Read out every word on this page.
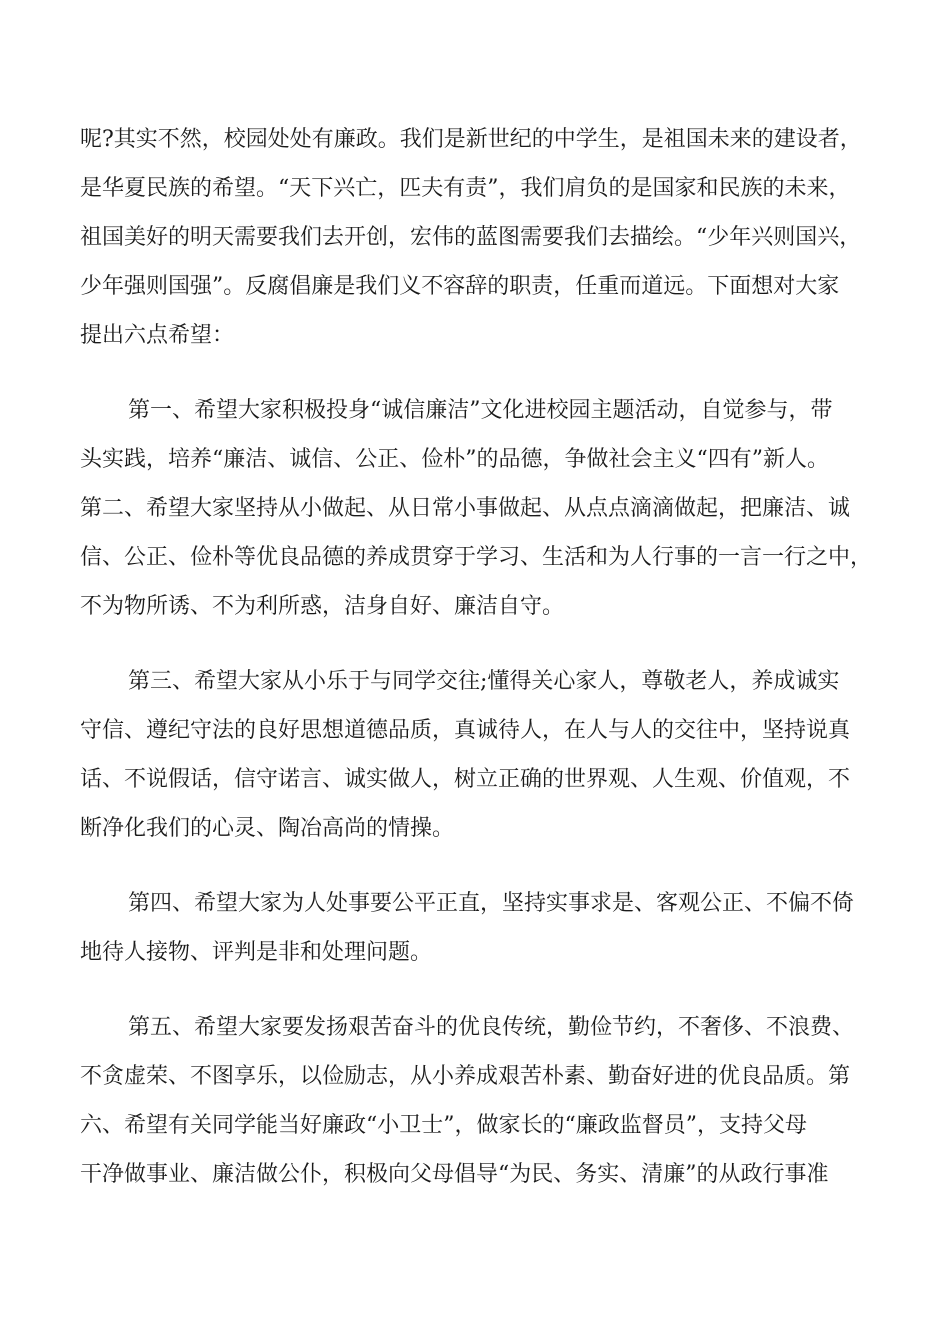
呢?其实不然，校园处处有廉政。我们是新世纪的中学生，是祖国未来的建设者，
是华夏民族的希望。“天下兴亡，匹夫有责”，我们肩负的是国家和民族的未来，
祖国美好的明天需要我们去开创，宏伟的蓝图需要我们去描绘。“少年兴则国兴，
少年强则国强”。反腐倡廉是我们义不容辞的职责，任重而道远。下面想对大家
提出六点希望：
第一、希望大家积极投身“诚信廉洁”文化进校园主题活动，自觉参与，带
头实践，培养“廉洁、诚信、公正、俭朴”的品德，争做社会主义“四有”新人。
第二、希望大家坚持从小做起、从日常小事做起、从点点滴滴做起，把廉洁、诚
信、公正、俭朴等优良品德的养成贯穿于学习、生活和为人行事的一言一行之中，
不为物所诱、不为利所惑，洁身自好、廉洁自守。
第三、希望大家从小乐于与同学交往;懂得关心家人，尊敬老人，养成诚实
守信、遵纪守法的良好思想道德品质，真诚待人，在人与人的交往中，坚持说真
话、不说假话，信守诺言、诚实做人，树立正确的世界观、人生观、价值观，不
断净化我们的心灵、陶冶高尚的情操。
第四、希望大家为人处事要公平正直，坚持实事求是、客观公正、不偏不倚
地待人接物、评判是非和处理问题。
第五、希望大家要发扬艰苦奋斗的优良传统，勤俭节约，不奢侈、不浪费、
不贪虚荣、不图享乐，以俭励志，从小养成艰苦朴素、勤奋好进的优良品质。第
六、希望有关同学能当好廉政“小卫士”，做家长的“廉政监督员”，支持父母
干净做事业、廉洁做公仆，积极向父母倡导“为民、务实、清廉”的从政行事准
